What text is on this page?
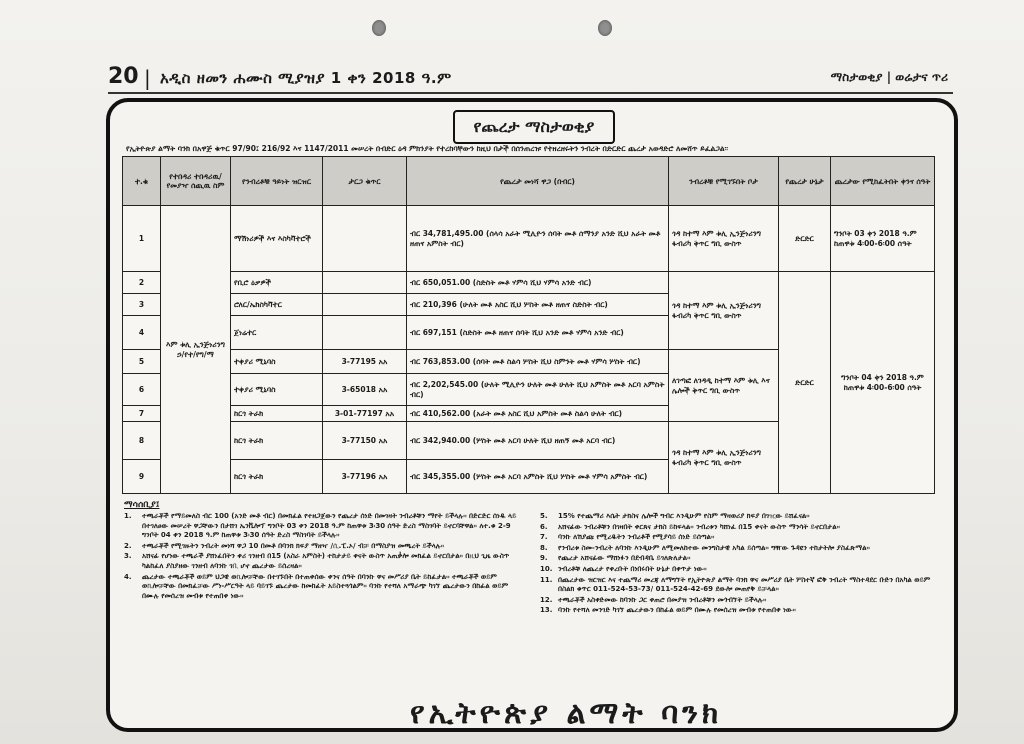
20 | አዲስ ዘመን ሐሙስ ሚያዝያ 1 ቀን 2018 ዓ.ም	ማስታወቂያ | ወሬታና ጥሪ
የጨረታ ማስታወቂያ
የኢትዮጵያ ልማት ባንክ በአዋጅ ቁጥር 97/90፤ 216/92 እና 1147/2011 መሠረት በብድር ዕዳ ምክንያት የተረከባቸውን ከዚህ በታች በሰንጠረዡ የተዘረዘሩትን ንብረት በድርድር ጨረታ አወዳድሮ ለመሸጥ ይፈልጋል፡፡
ተ.ቁ	የተበዳሪ ተበዳሪዉ/ የመያዣ ሰጪዉ ስም	የንብረቶቹ ዓይነት ዝርዝር	ታርጋ ቁጥር	የጨረታ መነሻ ዋጋ (በብር)	ንብረቶቹ የሚገኙበት ቦታ	የጨረታ ሁኔታ	ጨረታው የሚከፈትበት ቀንና ሰዓት
1	እም ቱሊ ኢንጅነሪንግ ኃ/የተ/የግ/ማ	ማሽነሪዎች እና እስካቫተሮች		ብር 34,781,495.00 (ሰላሳ አራት ሚሊዮን ሰባት መቶ ሰማንያ አንድ ሺህ አራት መቶ ዘጠና አምስት ብር)	ጎዳ ከተማ እም ቱሊ ኢንጅነሪንግ ፋብሪካ ቅጥር ግቢ ውስጥ	ድርድር	ግንቦት 03 ቀን 2018 ዓ.ም ከጠዋቱ 4፡00-6፡00 ሰዓት
2		የቢሮ ዕቃዎች		ብር 650,051.00 (ስድስት መቶ ሃምሳ ሺህ ሃምሳ አንድ ብር)	ጎዳ ከተማ እም ቱሊ ኢንጅነሪንግ ፋብሪካ ቅጥር ግቢ ውስጥ	ድርድር	ግንቦት 04 ቀን 2018 ዓ.ም ከጠዋቱ 4፡00-6፡00 ሰዓት
3		ሮለር/ኤክስካቫተር		ብር 210,396 (ሁለት መቶ አስር ሺህ ሦስት መቶ ዘጠና ስድስት ብር)			
4		ጀነሬተር		ብር 697,151 (ስድስት መቶ ዘጠና ሰባት ሺህ አንድ መቶ ሃምሳ አንድ ብር)			
5		ተቀያሪ ሚኒባስ	3-77195 አአ	ብር 763,853.00 (ሰባት መቶ ስልሳ ሦስት ሺህ ስምንት መቶ ሃምሳ ሦስት ብር)	ለገጣፎ ለገዳዲ ከተማ እም ቱሊ እና ሌሎች ቅጥር ግቢ ውስጥ		
6		ተቀያሪ ሚኒባስ	3-65018 አአ	ብር 2,202,545.00 (ሁለት ሚሊዮን ሁለት መቶ ሁለት ሺህ አምስት መቶ አርባ አምስት ብር)			
7		ከርጎ ትራክ	3-01-77197 አአ	ብር 410,562.00 (አራት መቶ አስር ሺህ አምስት መቶ ስልሳ ሁለት ብር)			
8		ከርጎ ትራክ	3-77150 አአ	ብር 342,940.00 (ሦስት መቶ አርባ ሁለት ሺህ ዘጠኝ መቶ አርባ ብር)	ጎዳ ከተማ እም ቱሊ ኢንጅነሪንግ ፋብሪካ ቅጥር ግቢ ውስጥ		
9		ከርጎ ትራክ	3-77196 አአ	ብር 345,355.00 (ሦስት መቶ አርባ አምስት ሺህ ሦስት መቶ ሃምሳ አምስት ብር)			
ማሳሰቢያ፤
1.	ተጫራቾች የማይመለስ ብር 100 (አንድ መቶ ብር) በመክፈል የተዘጋጀውን የጨረታ ሰነድ በመገዛት ንብረቶቹን ማየት ይችላሉ፡፡ በድርድር ሰነዱ ላይ በተገለፀው መሠረት ዋጋቸውን በታሸገ ኤንቬሎፕ ግንቦት 03 ቀን 2018 ዓ.ም ከጠዋቱ 3፡30 ሰዓት ድረስ ማስገባት ይኖርባቸዋል፡፡ ለተ.ቁ 2-9 ግንቦት 04 ቀን 2018 ዓ.ም ከጠዋቱ 3፡30 ሰዓት ድረስ ማስገባት ይችላሉ፡፡
2.	ተጫራቾች የሚገዙትን ንብረት መነሻ ዋጋ 10 በመቶ በባንክ ክፍያ ማዘዣ /ሲ.ፒ.ኦ/ ብቻ በማስያዝ መጫረት ይችላሉ፡፡
3.	አሸናፊ የሆነው ተጫራች ያሸነፈበትን ቀሪ ገንዘብ በ15 (አስራ አምስት) ተከታታይ ቀናት ውስጥ አጠቃሎ መክፈል ይኖርበታል፡፡ በዚህ ጊዜ ውስጥ ካልከፈለ ያስያዘው ገንዘብ ለባንኩ ገቢ ሆኖ ጨረታው ይሰረዛል፡፡
4.	ጨረታው ተጫራቾች ወይም ህጋዊ ወኪሎቻቸው በተገኙበት በተጠቀሰው ቀንና ሰዓት በባንኩ ዋና መሥሪያ ቤት ይከፈታል፡፡ ተጫራቾች ወይም ወኪሎቻቸው በመክፈቻው ሥነ-ሥርዓት ላይ ባይገኙ ጨረታው ከመከፈት አይስተጓጎልም፡፡ ባንኩ የተሻለ አማራጭ ካገኘ ጨረታውን በከፊል ወይም በሙሉ የመሰረዝ መብቱ የተጠበቀ ነው፡፡
5.	15% የተጨማሪ እሴት ታክስና ሌሎች ግብር እንዲሁም የስም ማዛወሪያ ክፍያ በገዢው ይሸፈናል፡፡
6.	አሸናፊው ንብረቶቹን በገዛበት ቀርጸና ታክስ ይከፍላል፡፡ ንብረቱን ካሸነፈ በ15 ቀናት ውስጥ ማንሳት ይኖርበታል፡፡
7.	ባንኩ ለሽያጩ የሚረዱትን ንብረቶች የሚያሳይ ሰነድ ይሰጣል፡፡
8.	የንብረቱ ስመ-ንብረት ለባንኩ እንዲሁም ለሚመለከተው መንግስታዊ አካል ይሰጣል፡፡ ግዥው ጉዳዩን ተከታትሎ ያስፈጽማል፡፡
9.	የጨረታ አሸናፊው ማሸነፉን በደብዳቤ ይገለጽለታል፡፡
10. ንብረቶቹ ለጨረታ የቀረቡት በነበሩበት ሁኔታ በቀጥታ ነው፡፡
11. በጨረታው ዝርዝር እና ተጨማሪ መረጃ ለማግኘት የኢትዮጵያ ልማት ባንክ ዋና መሥሪያ ቤት ሦስተኛ ፎቅ ንብረት ማስተዳደር ቡድን በአካል ወይም በስልክ ቁጥር 011-524-53-73/ 011-524-42-69 ደውሎ መጠየቅ ይቻላል፡፡
12. ተጫራቾች አስቀድመው ከባንኩ ጋር ቀጠሮ በመያዝ ንብረቶቹን መጎብኘት ይችላሉ፡፡
13. ባንኩ የተሻለ መንገድ ካገኘ ጨረታውን በከፊል ወይም በሙሉ የመሰረዝ መብቱ የተጠበቀ ነው፡፡
የኢትዮጵያ ልማት ባንክ
